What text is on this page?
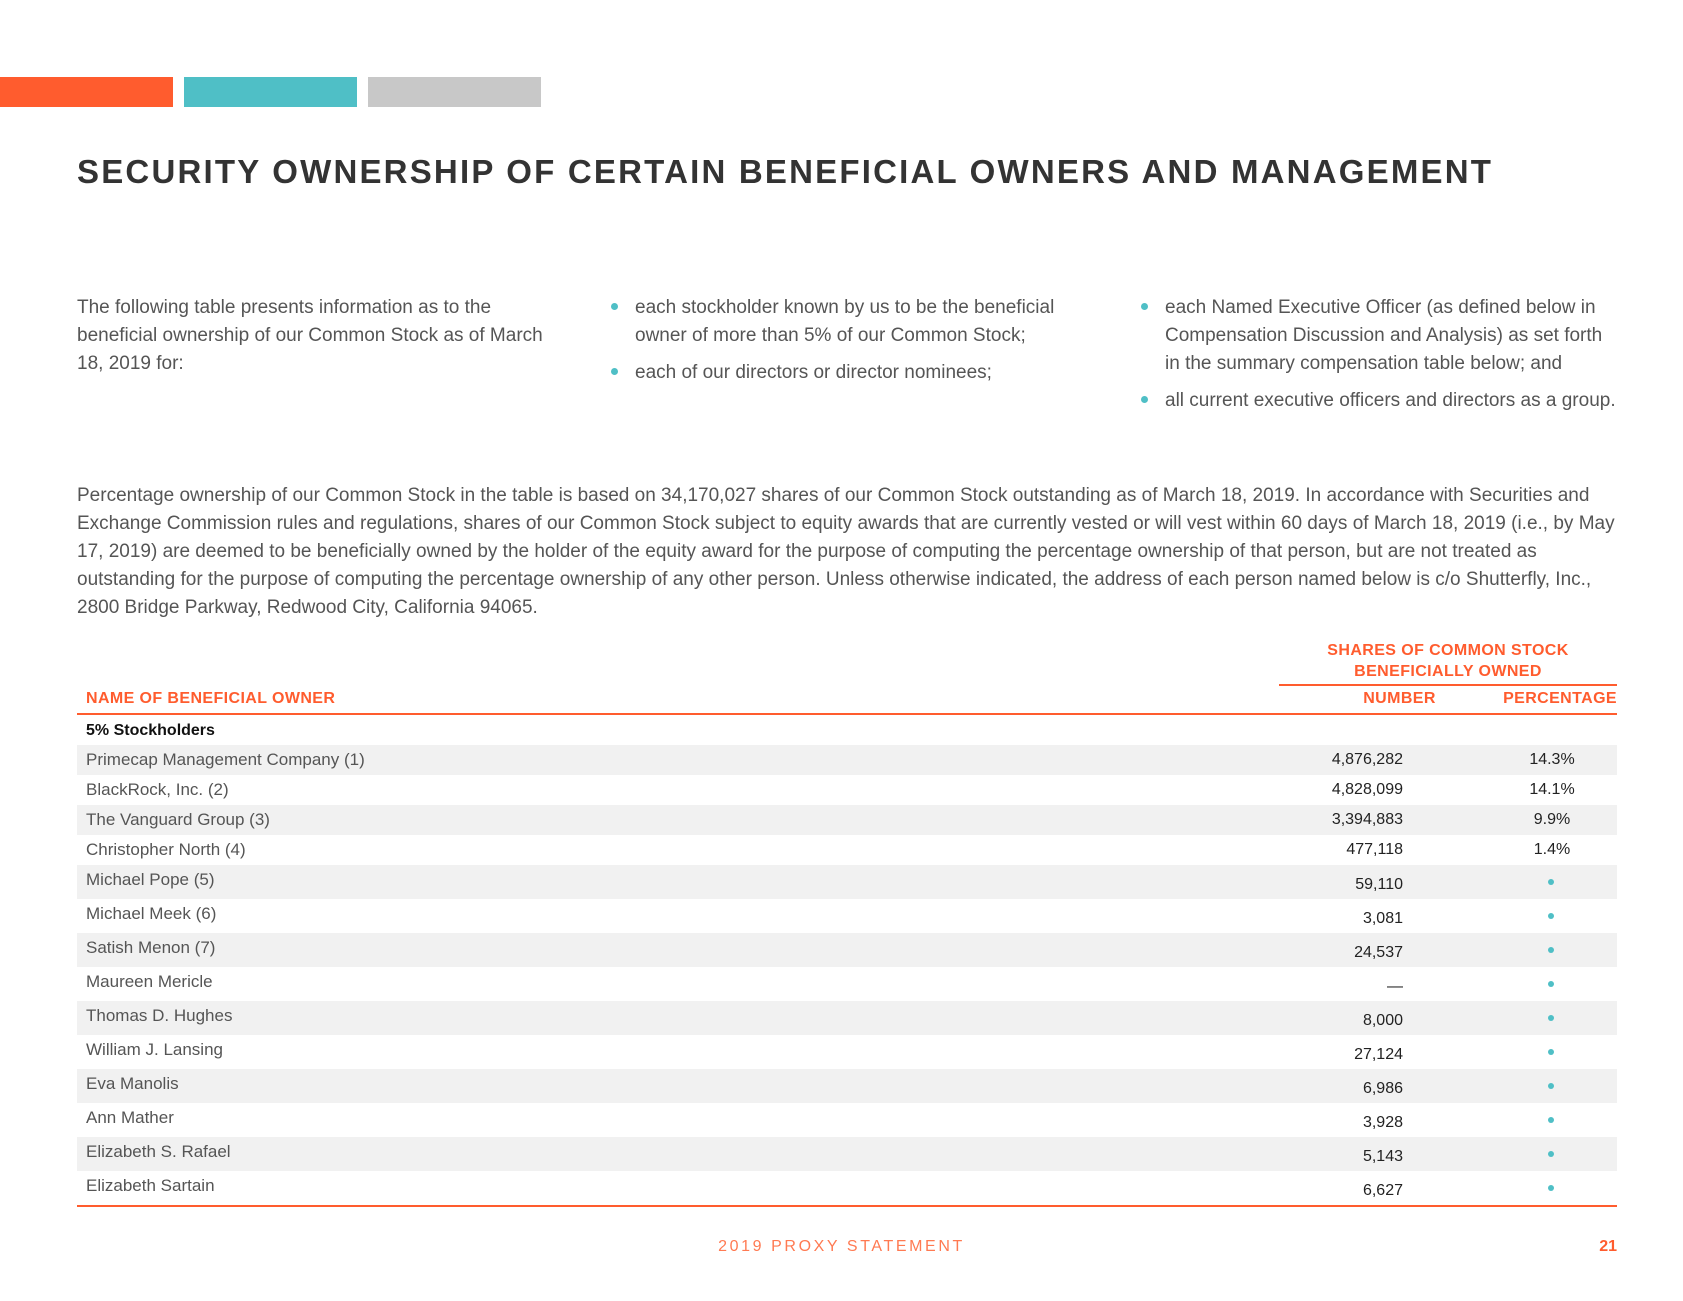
SECURITY OWNERSHIP OF CERTAIN BENEFICIAL OWNERS AND MANAGEMENT
The following table presents information as to the beneficial ownership of our Common Stock as of March 18, 2019 for:
each stockholder known by us to be the beneficial owner of more than 5% of our Common Stock;
each of our directors or director nominees;
each Named Executive Officer (as defined below in Compensation Discussion and Analysis) as set forth in the summary compensation table below; and
all current executive officers and directors as a group.

Percentage ownership of our Common Stock in the table is based on 34,170,027 shares of our Common Stock outstanding as of March 18, 2019. In accordance with Securities and Exchange Commission rules and regulations, shares of our Common Stock subject to equity awards that are currently vested or will vest within 60 days of March 18, 2019 (i.e., by May 17, 2019) are deemed to be beneficially owned by the holder of the equity award for the purpose of computing the percentage ownership of that person, but are not treated as outstanding for the purpose of computing the percentage ownership of any other person. Unless otherwise indicated, the address of each person named below is c/o Shutterfly, Inc., 2800 Bridge Parkway, Redwood City, California 94065.

SHARES OF COMMON STOCK BENEFICIALLY OWNED
NAME OF BENEFICIAL OWNER	NUMBER	PERCENTAGE
5% Stockholders
Primecap Management Company (1)	4,876,282	14.3%
BlackRock, Inc. (2)	4,828,099	14.1%
The Vanguard Group (3)	3,394,883	9.9%
Christopher North (4)	477,118	1.4%
Michael Pope (5)	59,110
Michael Meek (6)	3,081
Satish Menon (7)	24,537
Maureen Mericle	—
Thomas D. Hughes	8,000
William J. Lansing	27,124
Eva Manolis	6,986
Ann Mather	3,928
Elizabeth S. Rafael	5,143
Elizabeth Sartain	6,627
2019 PROXY STATEMENT	21
